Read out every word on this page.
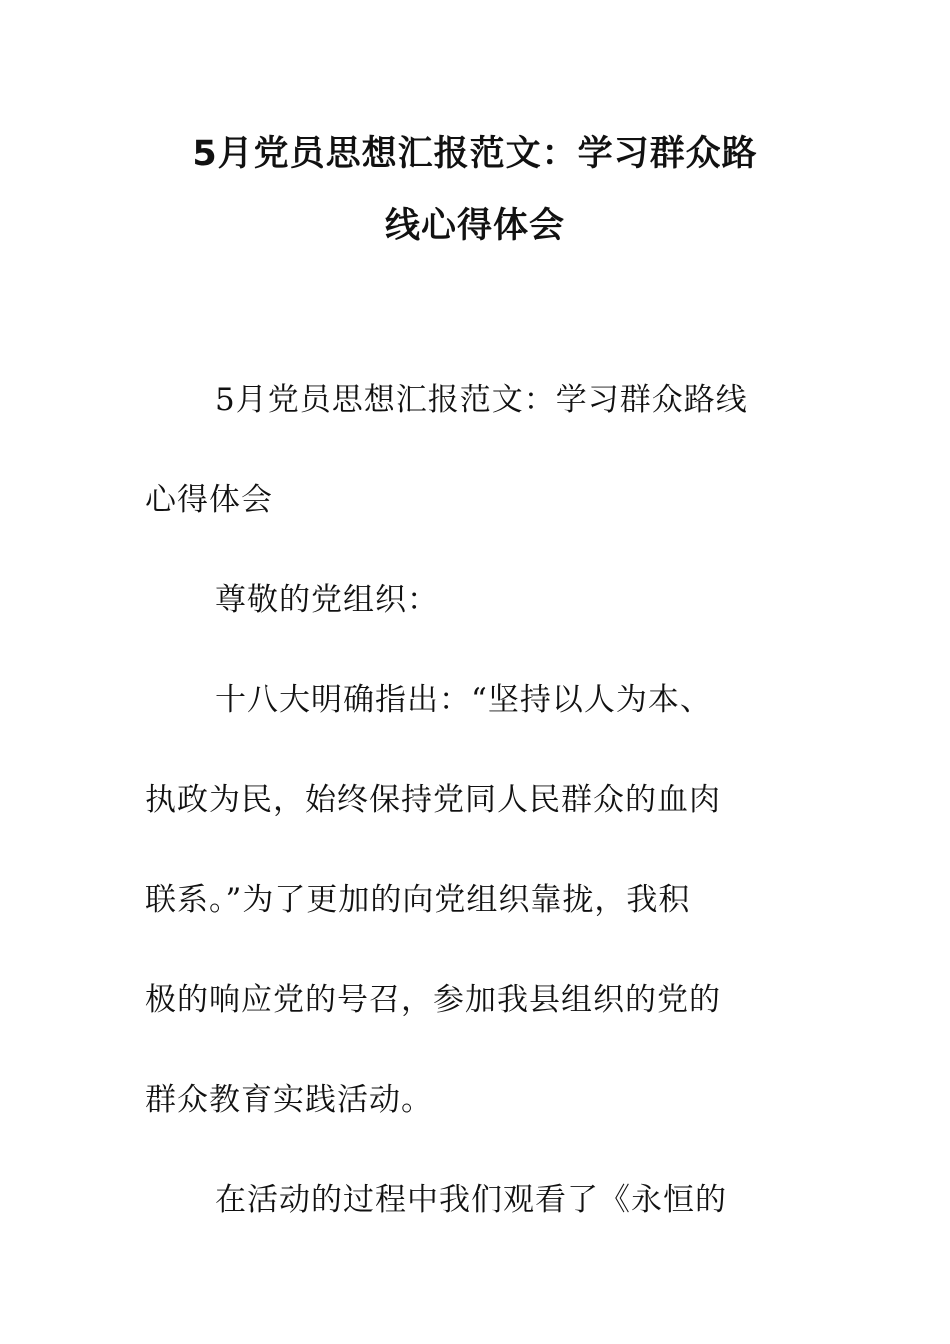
5月党员思想汇报范文：学习群众路
线心得体会
5月党员思想汇报范文：学习群众路线
心得体会
尊敬的党组织：
十八大明确指出：“坚持以人为本、
执政为民，始终保持党同人民群众的血肉
联系。”为了更加的向党组织靠拢，我积
极的响应党的号召，参加我县组织的党的
群众教育实践活动。
在活动的过程中我们观看了《永恒的
